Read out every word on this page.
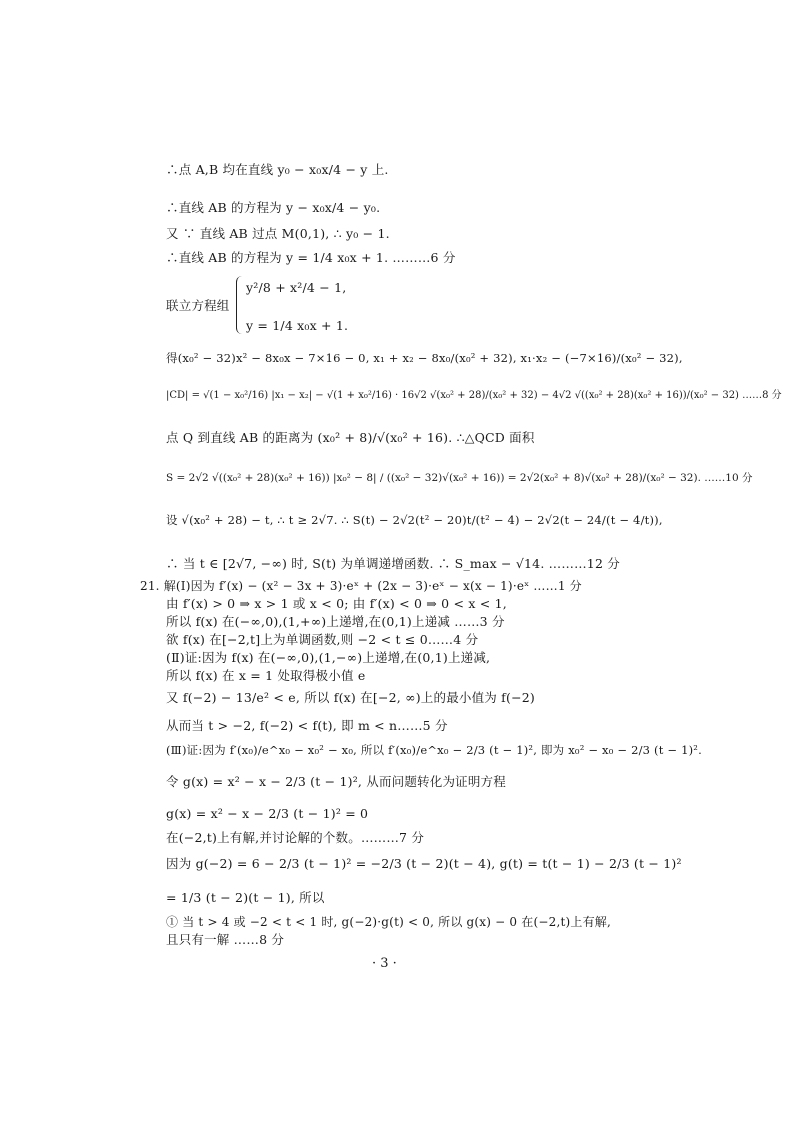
∴点 A,B 均在直线 y₀ − x₀x/4 − y 上.
∴直线 AB 的方程为 y − x₀x/4 − y₀.
又 ∵ 直线 AB 过点 M(0,1), ∴ y₀ − 1.
∴直线 AB 的方程为 y = 1/4 x₀x + 1. ………6 分
y²/8 + x²/4 − 1,
联立方程组
y = 1/4 x₀x + 1.
得(x₀² − 32)x² − 8x₀x − 7×16 − 0, x₁ + x₂ − 8x₀/(x₀² + 32), x₁·x₂ − (−7×16)/(x₀² − 32),
|CD| = √(1 − x₀²/16) |x₁ − x₂| − √(1 + x₀²/16) · 16√2 √(x₀² + 28)/(x₀² + 32) − 4√2 √((x₀² + 28)(x₀² + 16))/(x₀² − 32) ……8 分
点 Q 到直线 AB 的距离为 (x₀² + 8)/√(x₀² + 16). ∴△QCD 面积
S = 2√2 √((x₀² + 28)(x₀² + 16)) |x₀² − 8| / ((x₀² − 32)√(x₀² + 16)) = 2√2(x₀² + 8)√(x₀² + 28)/(x₀² − 32). ……10 分
设 √(x₀² + 28) − t, ∴ t ≥ 2√7. ∴ S(t) − 2√2(t² − 20)t/(t² − 4) − 2√2(t − 24/(t − 4/t)),
∴ 当 t ∈ [2√7, −∞) 时, S(t) 为单调递增函数. ∴ S_max − √14. ………12 分
21. 解(Ⅰ)因为 f′(x) − (x² − 3x + 3)·eˣ + (2x − 3)·eˣ − x(x − 1)·eˣ ……1 分
由 f′(x) > 0 ⇒ x > 1 或 x < 0; 由 f′(x) < 0 ⇒ 0 < x < 1,
所以 f(x) 在(−∞,0),(1,+∞)上递增,在(0,1)上递减 ……3 分
欲 f(x) 在[−2,t]上为单调函数,则 −2 < t ≤ 0……4 分
(Ⅱ)证:因为 f(x) 在(−∞,0),(1,−∞)上递增,在(0,1)上递减,
所以 f(x) 在 x = 1 处取得极小值 e
又 f(−2) − 13/e² < e, 所以 f(x) 在[−2, ∞)上的最小值为 f(−2)
从而当 t > −2, f(−2) < f(t), 即 m < n……5 分
(Ⅲ)证:因为 f′(x₀)/e^x₀ − x₀² − x₀, 所以 f′(x₀)/e^x₀ − 2/3 (t − 1)², 即为 x₀² − x₀ − 2/3 (t − 1)².
令 g(x) = x² − x − 2/3 (t − 1)², 从而问题转化为证明方程
g(x) = x² − x − 2/3 (t − 1)² = 0
在(−2,t)上有解,并讨论解的个数。………7 分
因为 g(−2) = 6 − 2/3 (t − 1)² = −2/3 (t − 2)(t − 4), g(t) = t(t − 1) − 2/3 (t − 1)²
= 1/3 (t − 2)(t − 1), 所以
① 当 t > 4 或 −2 < t < 1 时, g(−2)·g(t) < 0, 所以 g(x) − 0 在(−2,t)上有解,
且只有一解 ……8 分
· 3 ·
